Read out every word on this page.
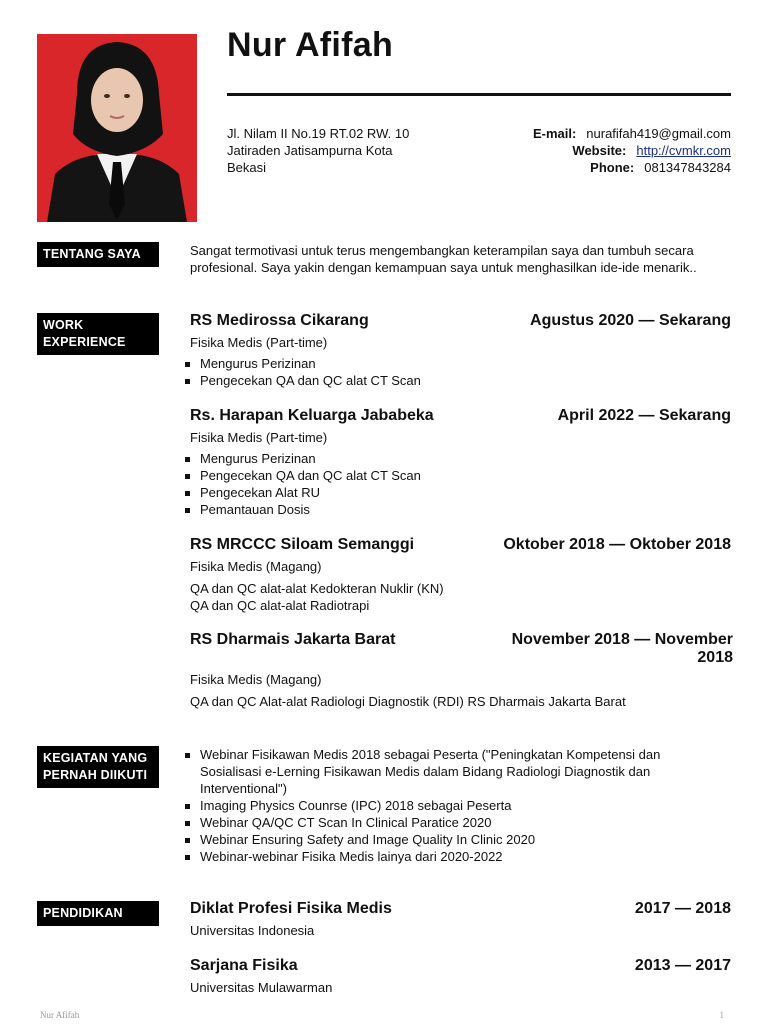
Nur Afifah
Jl. Nilam II No.19 RT.02 RW. 10
Jatiraden Jatisampurna Kota
Bekasi
E-mail: nurafifah419@gmail.com
Website: http://cvmkr.com
Phone: 081347843284
TENTANG SAYA	Sangat termotivasi untuk terus mengembangkan keterampilan saya dan tumbuh secara profesional. Saya yakin dengan kemampuan saya untuk menghasilkan ide-ide menarik..
WORK
EXPERIENCE
RS Medirossa Cikarang	Agustus 2020 — Sekarang
Fisika Medis (Part-time)
Mengurus Perizinan
Pengecekan QA dan QC alat CT Scan
Rs. Harapan Keluarga Jababeka	April 2022 — Sekarang
Fisika Medis (Part-time)
Mengurus Perizinan
Pengecekan QA dan QC alat CT Scan
Pengecekan Alat RU
Pemantauan Dosis
RS MRCCC Siloam Semanggi	Oktober 2018 — Oktober 2018
Fisika Medis (Magang)
QA dan QC alat-alat Kedokteran Nuklir (KN)
QA dan QC alat-alat Radiotrapi
RS Dharmais Jakarta Barat	November 2018 — November
2018
Fisika Medis (Magang)
QA dan QC Alat-alat Radiologi Diagnostik (RDI) RS Dharmais Jakarta Barat
KEGIATAN YANG
PERNAH DIIKUTI
Webinar Fisikawan Medis 2018 sebagai Peserta ("Peningkatan Kompetensi dan Sosialisasi e-Lerning Fisikawan Medis dalam Bidang Radiologi Diagnostik dan Interventional")
Imaging Physics Counrse (IPC) 2018 sebagai Peserta
Webinar QA/QC CT Scan In Clinical Paratice 2020
Webinar Ensuring Safety and Image Quality In Clinic 2020
Webinar-webinar Fisika Medis lainya dari 2020-2022
PENDIDIKAN	Diklat Profesi Fisika Medis	2017 — 2018
Universitas Indonesia
Sarjana Fisika	2013 — 2017
Universitas Mulawarman
Nur Afifah	1
